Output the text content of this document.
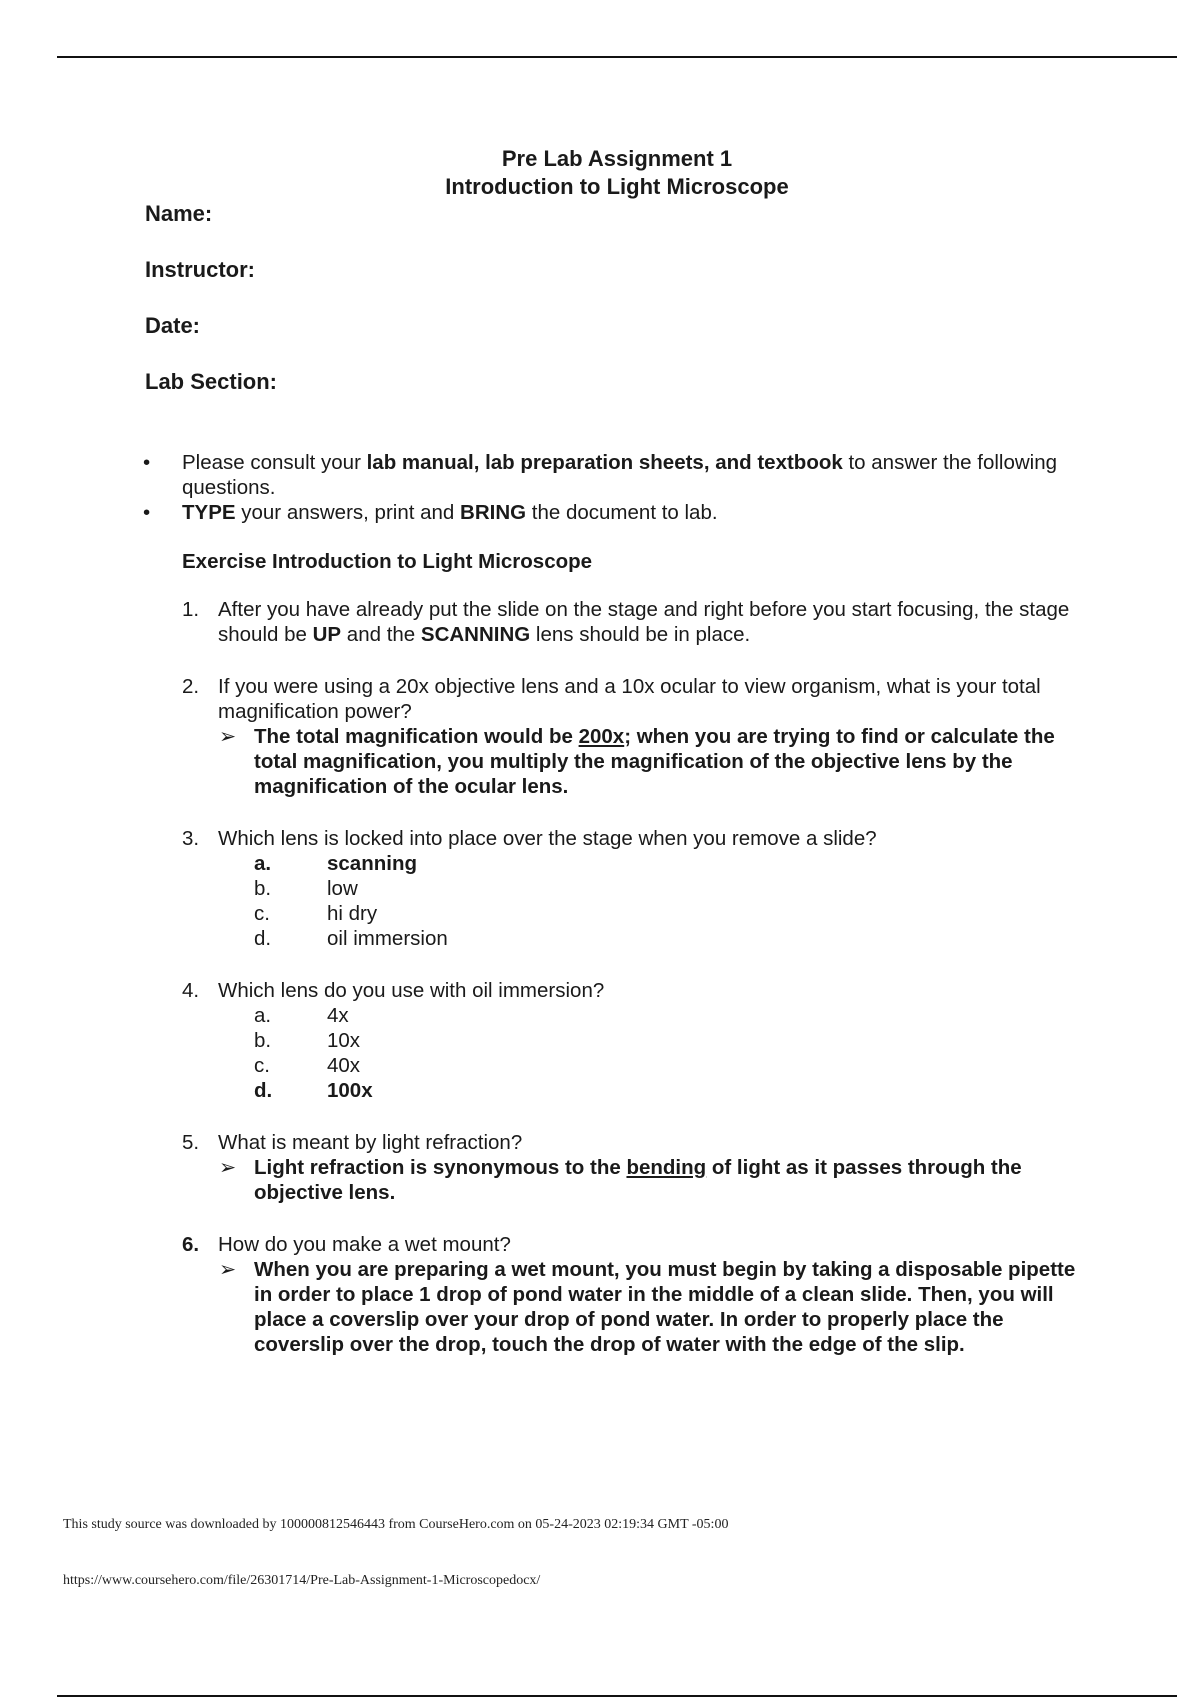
Pre Lab Assignment 1
Introduction to Light Microscope
Name:
Instructor:
Date:
Lab Section:
• Please consult your lab manual, lab preparation sheets, and textbook to answer the following questions.
• TYPE your answers, print and BRING the document to lab.
Exercise Introduction to Light Microscope
1. After you have already put the slide on the stage and right before you start focusing, the stage should be UP and the SCANNING lens should be in place.
2. If you were using a 20x objective lens and a 10x ocular to view organism, what is your total magnification power?
➢ The total magnification would be 200x; when you are trying to find or calculate the total magnification, you multiply the magnification of the objective lens by the magnification of the ocular lens.
3. Which lens is locked into place over the stage when you remove a slide?
a.	scanning
b.	low
c.	hi dry
d.	oil immersion
4. Which lens do you use with oil immersion?
a.	4x
b.	10x
c.	40x
d.	100x
5. What is meant by light refraction?
➢ Light refraction is synonymous to the bending of light as it passes through the objective lens.
6. How do you make a wet mount?
➢ When you are preparing a wet mount, you must begin by taking a disposable pipette in order to place 1 drop of pond water in the middle of a clean slide. Then, you will place a coverslip over your drop of pond water. In order to properly place the coverslip over the drop, touch the drop of water with the edge of the slip.
This study source was downloaded by 100000812546443 from CourseHero.com on 05-24-2023 02:19:34 GMT -05:00
https://www.coursehero.com/file/26301714/Pre-Lab-Assignment-1-Microscopedocx/
